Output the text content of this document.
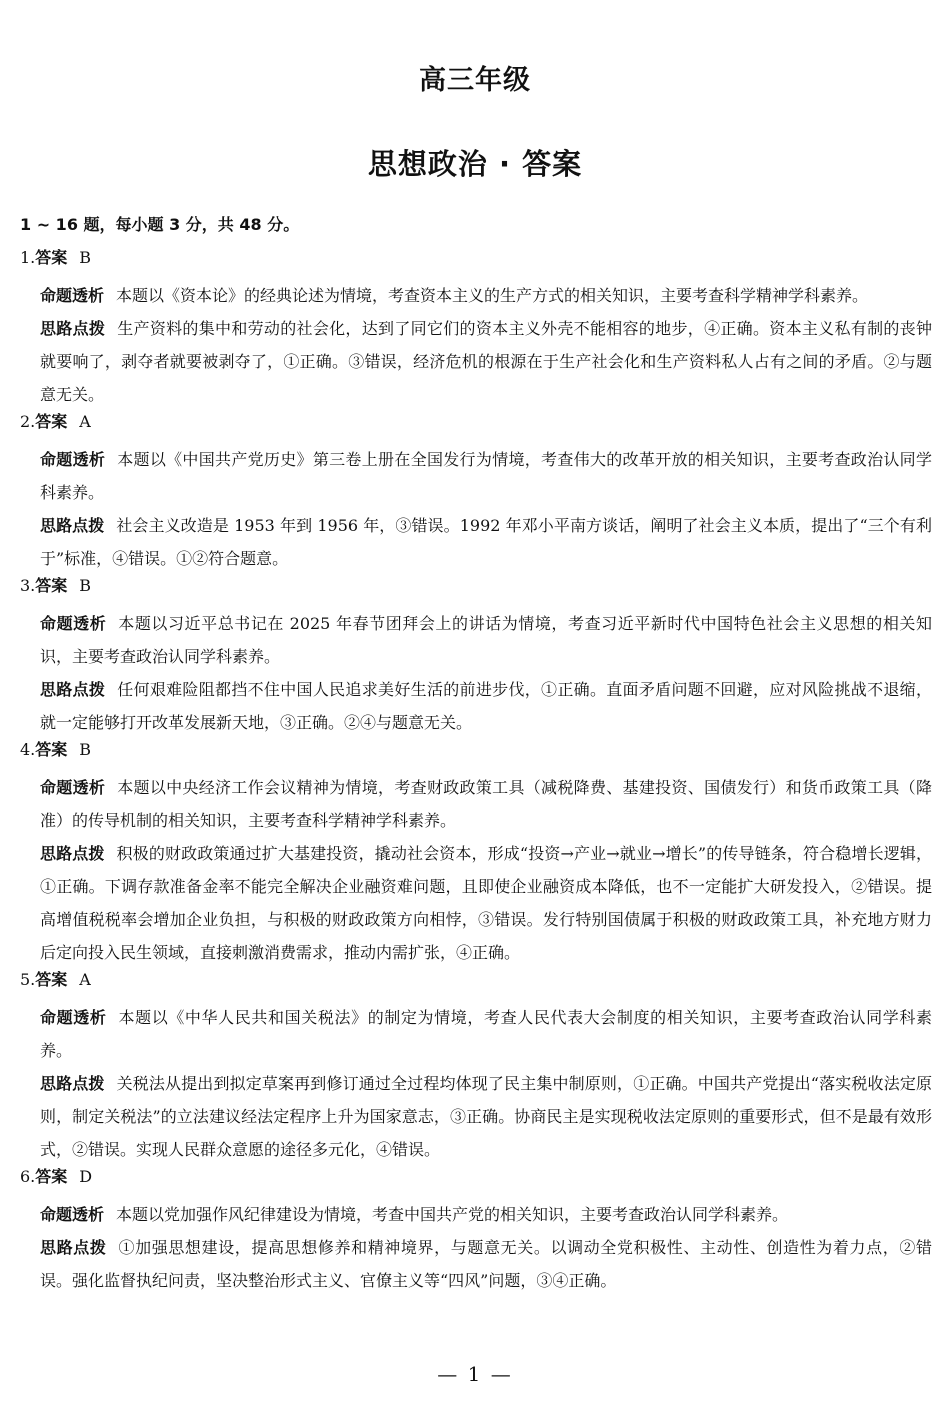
高三年级
思想政治 · 答案
1 ~ 16 题，每小题 3 分，共 48 分。
1.答案 B
命题透析 本题以《资本论》的经典论述为情境，考查资本主义的生产方式的相关知识，主要考查科学精神学科素养。
思路点拨 生产资料的集中和劳动的社会化，达到了同它们的资本主义外壳不能相容的地步，④正确。资本主义私有制的丧钟就要响了，剥夺者就要被剥夺了，①正确。③错误，经济危机的根源在于生产社会化和生产资料私人占有之间的矛盾。②与题意无关。
2.答案 A
命题透析 本题以《中国共产党历史》第三卷上册在全国发行为情境，考查伟大的改革开放的相关知识，主要考查政治认同学科素养。
思路点拨 社会主义改造是 1953 年到 1956 年，③错误。1992 年邓小平南方谈话，阐明了社会主义本质，提出了“三个有利于”标准，④错误。①②符合题意。
3.答案 B
命题透析 本题以习近平总书记在 2025 年春节团拜会上的讲话为情境，考查习近平新时代中国特色社会主义思想的相关知识，主要考查政治认同学科素养。
思路点拨 任何艰难险阻都挡不住中国人民追求美好生活的前进步伐，①正确。直面矛盾问题不回避，应对风险挑战不退缩，就一定能够打开改革发展新天地，③正确。②④与题意无关。
4.答案 B
命题透析 本题以中央经济工作会议精神为情境，考查财政政策工具（减税降费、基建投资、国债发行）和货币政策工具（降准）的传导机制的相关知识，主要考查科学精神学科素养。
思路点拨 积极的财政政策通过扩大基建投资，撬动社会资本，形成“投资→产业→就业→增长”的传导链条，符合稳增长逻辑，①正确。下调存款准备金率不能完全解决企业融资难问题，且即使企业融资成本降低，也不一定能扩大研发投入，②错误。提高增值税税率会增加企业负担，与积极的财政政策方向相悖，③错误。发行特别国债属于积极的财政政策工具，补充地方财力后定向投入民生领域，直接刺激消费需求，推动内需扩张，④正确。
5.答案 A
命题透析 本题以《中华人民共和国关税法》的制定为情境，考查人民代表大会制度的相关知识，主要考查政治认同学科素养。
思路点拨 关税法从提出到拟定草案再到修订通过全过程均体现了民主集中制原则，①正确。中国共产党提出“落实税收法定原则，制定关税法”的立法建议经法定程序上升为国家意志，③正确。协商民主是实现税收法定原则的重要形式，但不是最有效形式，②错误。实现人民群众意愿的途径多元化，④错误。
6.答案 D
命题透析 本题以党加强作风纪律建设为情境，考查中国共产党的相关知识，主要考查政治认同学科素养。
思路点拨 ①加强思想建设，提高思想修养和精神境界，与题意无关。以调动全党积极性、主动性、创造性为着力点，②错误。强化监督执纪问责，坚决整治形式主义、官僚主义等“四风”问题，③④正确。
— 1 —
